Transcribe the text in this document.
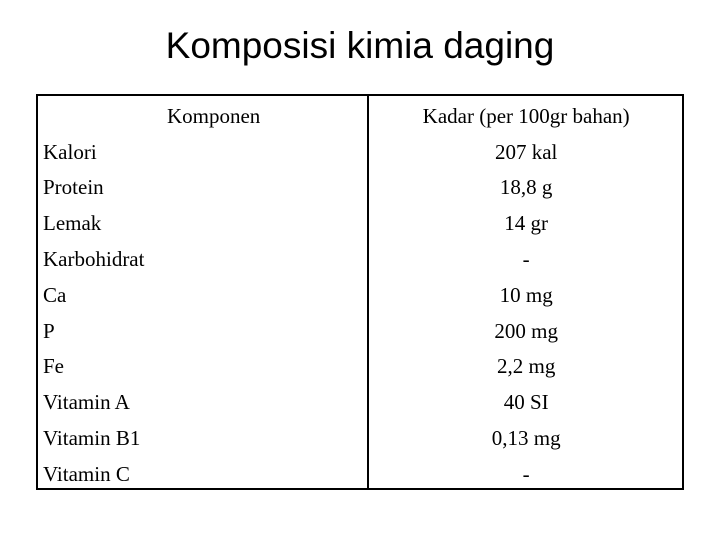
Komposisi kimia daging
Komponen	Kadar (per 100gr bahan)
Kalori	207 kal
Protein	18,8 g
Lemak	14 gr
Karbohidrat	-
Ca	10 mg
P	200 mg
Fe	2,2 mg
Vitamin A	40 SI
Vitamin B1	0,13 mg
Vitamin C	-
